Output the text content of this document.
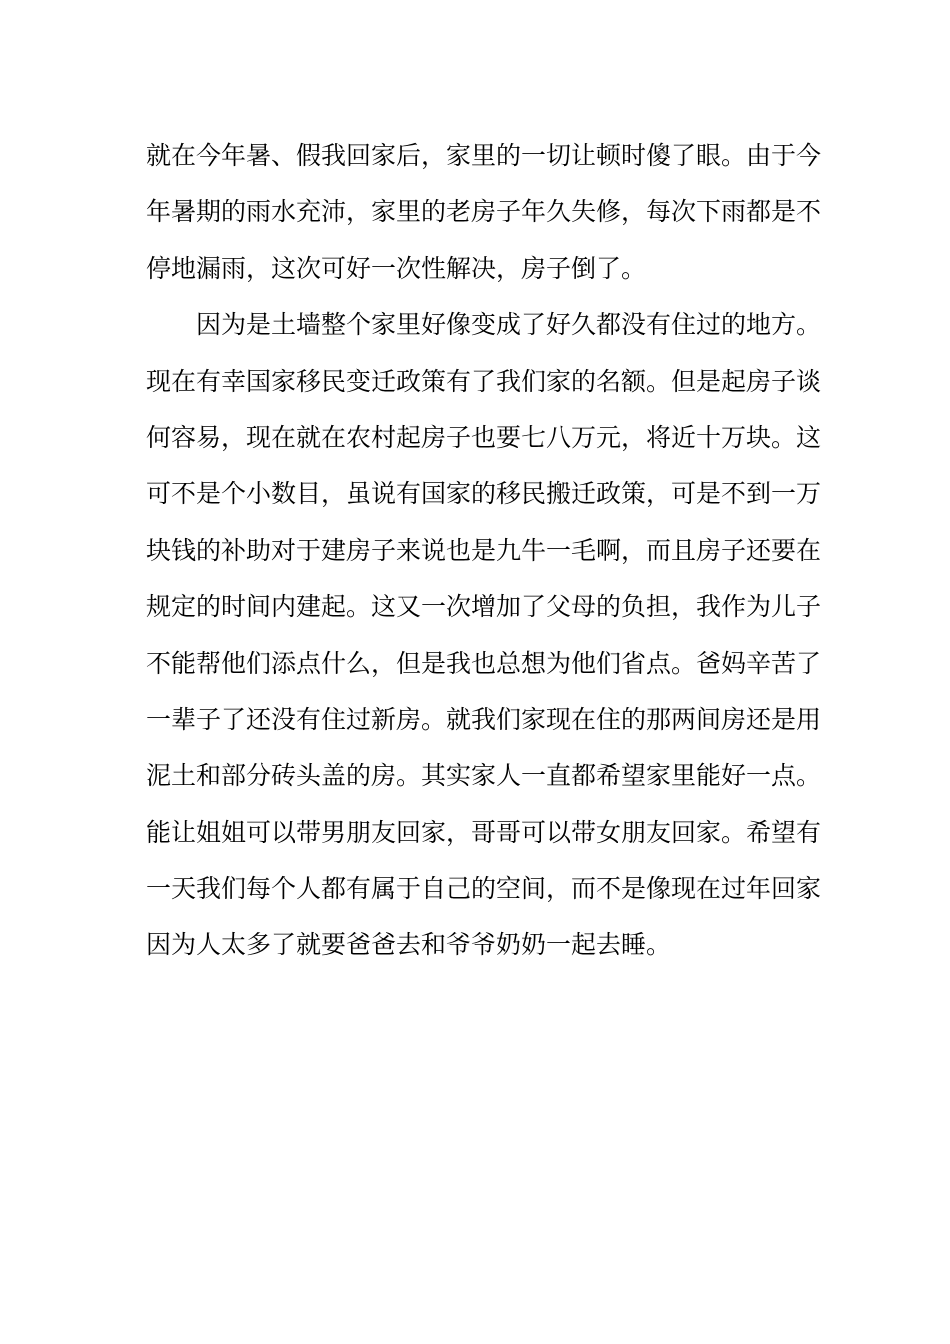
就在今年暑、假我回家后，家里的一切让顿时傻了眼。由于今
年暑期的雨水充沛，家里的老房子年久失修，每次下雨都是不
停地漏雨，这次可好一次性解决，房子倒了。
因为是土墙整个家里好像变成了好久都没有住过的地方。
现在有幸国家移民变迁政策有了我们家的名额。但是起房子谈
何容易，现在就在农村起房子也要七八万元，将近十万块。这
可不是个小数目，虽说有国家的移民搬迁政策，可是不到一万
块钱的补助对于建房子来说也是九牛一毛啊，而且房子还要在
规定的时间内建起。这又一次增加了父母的负担，我作为儿子
不能帮他们添点什么，但是我也总想为他们省点。爸妈辛苦了
一辈子了还没有住过新房。就我们家现在住的那两间房还是用
泥土和部分砖头盖的房。其实家人一直都希望家里能好一点。
能让姐姐可以带男朋友回家，哥哥可以带女朋友回家。希望有
一天我们每个人都有属于自己的空间，而不是像现在过年回家
因为人太多了就要爸爸去和爷爷奶奶一起去睡。
